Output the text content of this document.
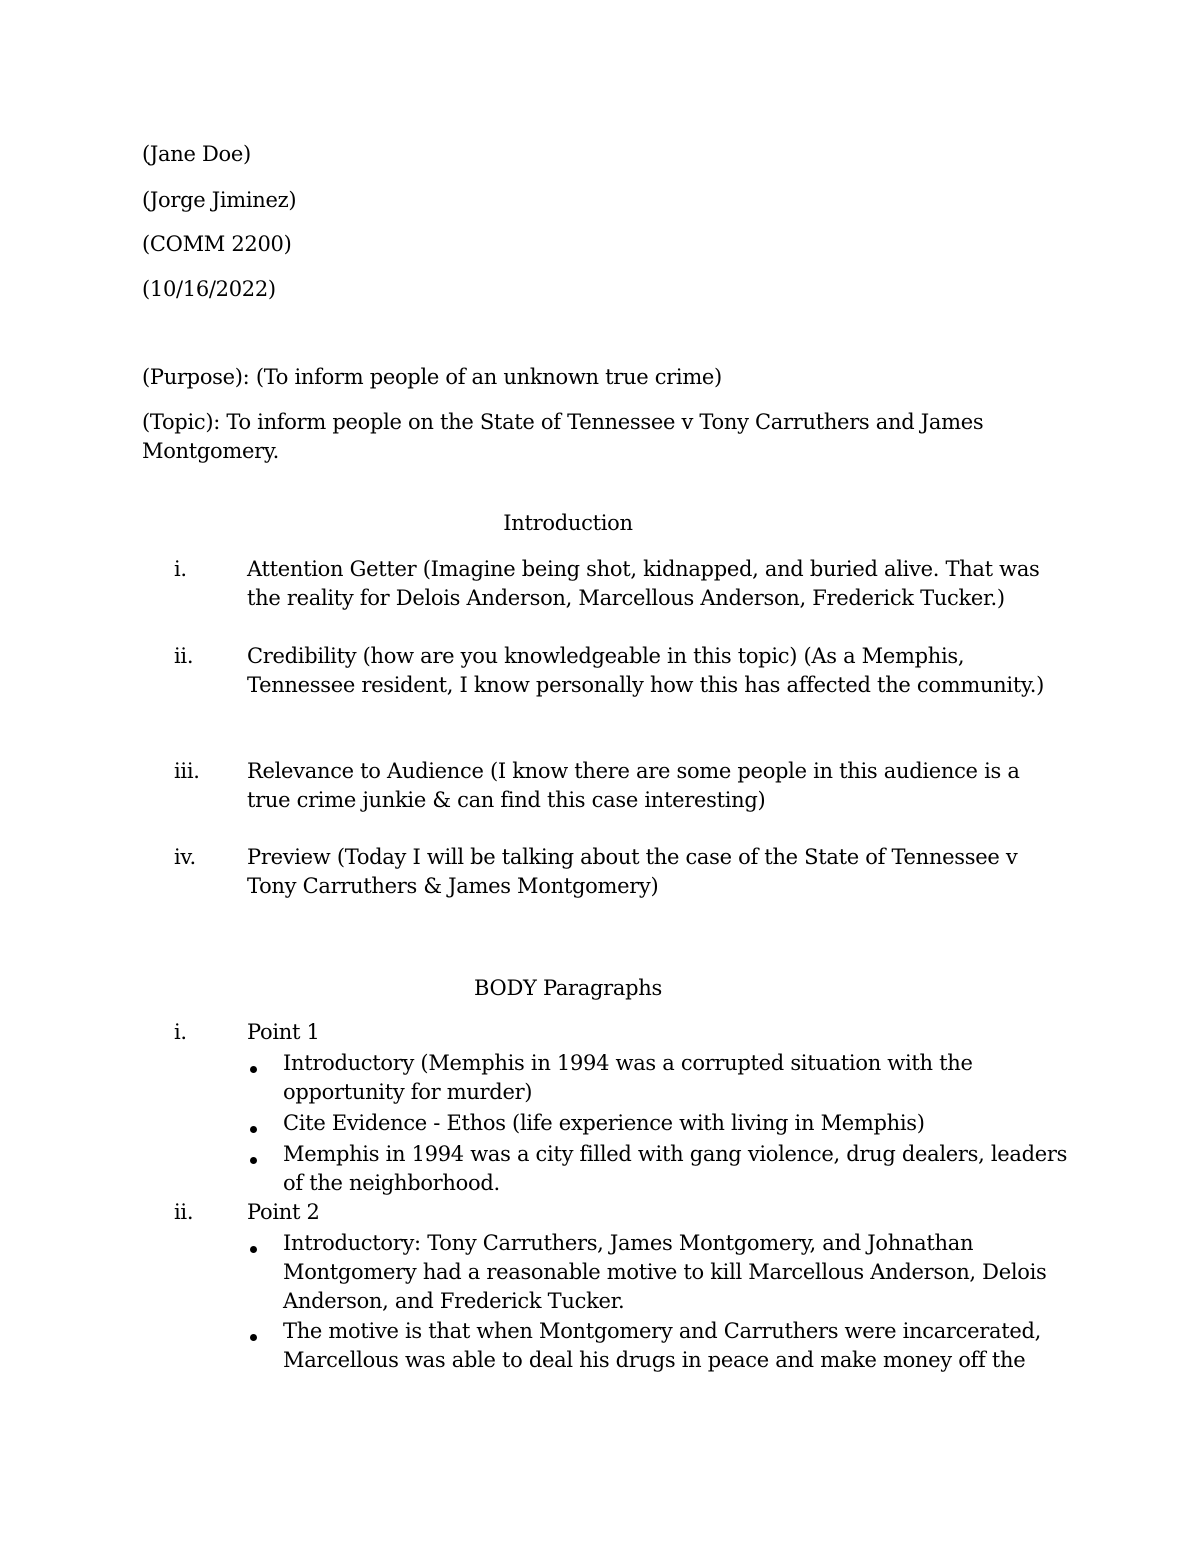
(Jane Doe)
(Jorge Jiminez)
(COMM 2200)
(10/16/2022)
(Purpose): (To inform people of an unknown true crime)
(Topic): To inform people on the State of Tennessee v Tony Carruthers and James Montgomery.
Introduction
i.	Attention Getter (Imagine being shot, kidnapped, and buried alive. That was the reality for Delois Anderson, Marcellous Anderson, Frederick Tucker.)
ii.	Credibility (how are you knowledgeable in this topic) (As a Memphis, Tennessee resident, I know personally how this has affected the community.)
iii. Relevance to Audience (I know there are some people in this audience is a true crime junkie & can find this case interesting)
iv. Preview (Today I will be talking about the case of the State of Tennessee v Tony Carruthers & James Montgomery)
BODY Paragraphs
i.	Point 1
Introductory (Memphis in 1994 was a corrupted situation with the opportunity for murder)
Cite Evidence - Ethos (life experience with living in Memphis)
Memphis in 1994 was a city filled with gang violence, drug dealers, leaders of the neighborhood.
ii.	Point 2
Introductory: Tony Carruthers, James Montgomery, and Johnathan Montgomery had a reasonable motive to kill Marcellous Anderson, Delois Anderson, and Frederick Tucker.
The motive is that when Montgomery and Carruthers were incarcerated, Marcellous was able to deal his drugs in peace and make money off the
